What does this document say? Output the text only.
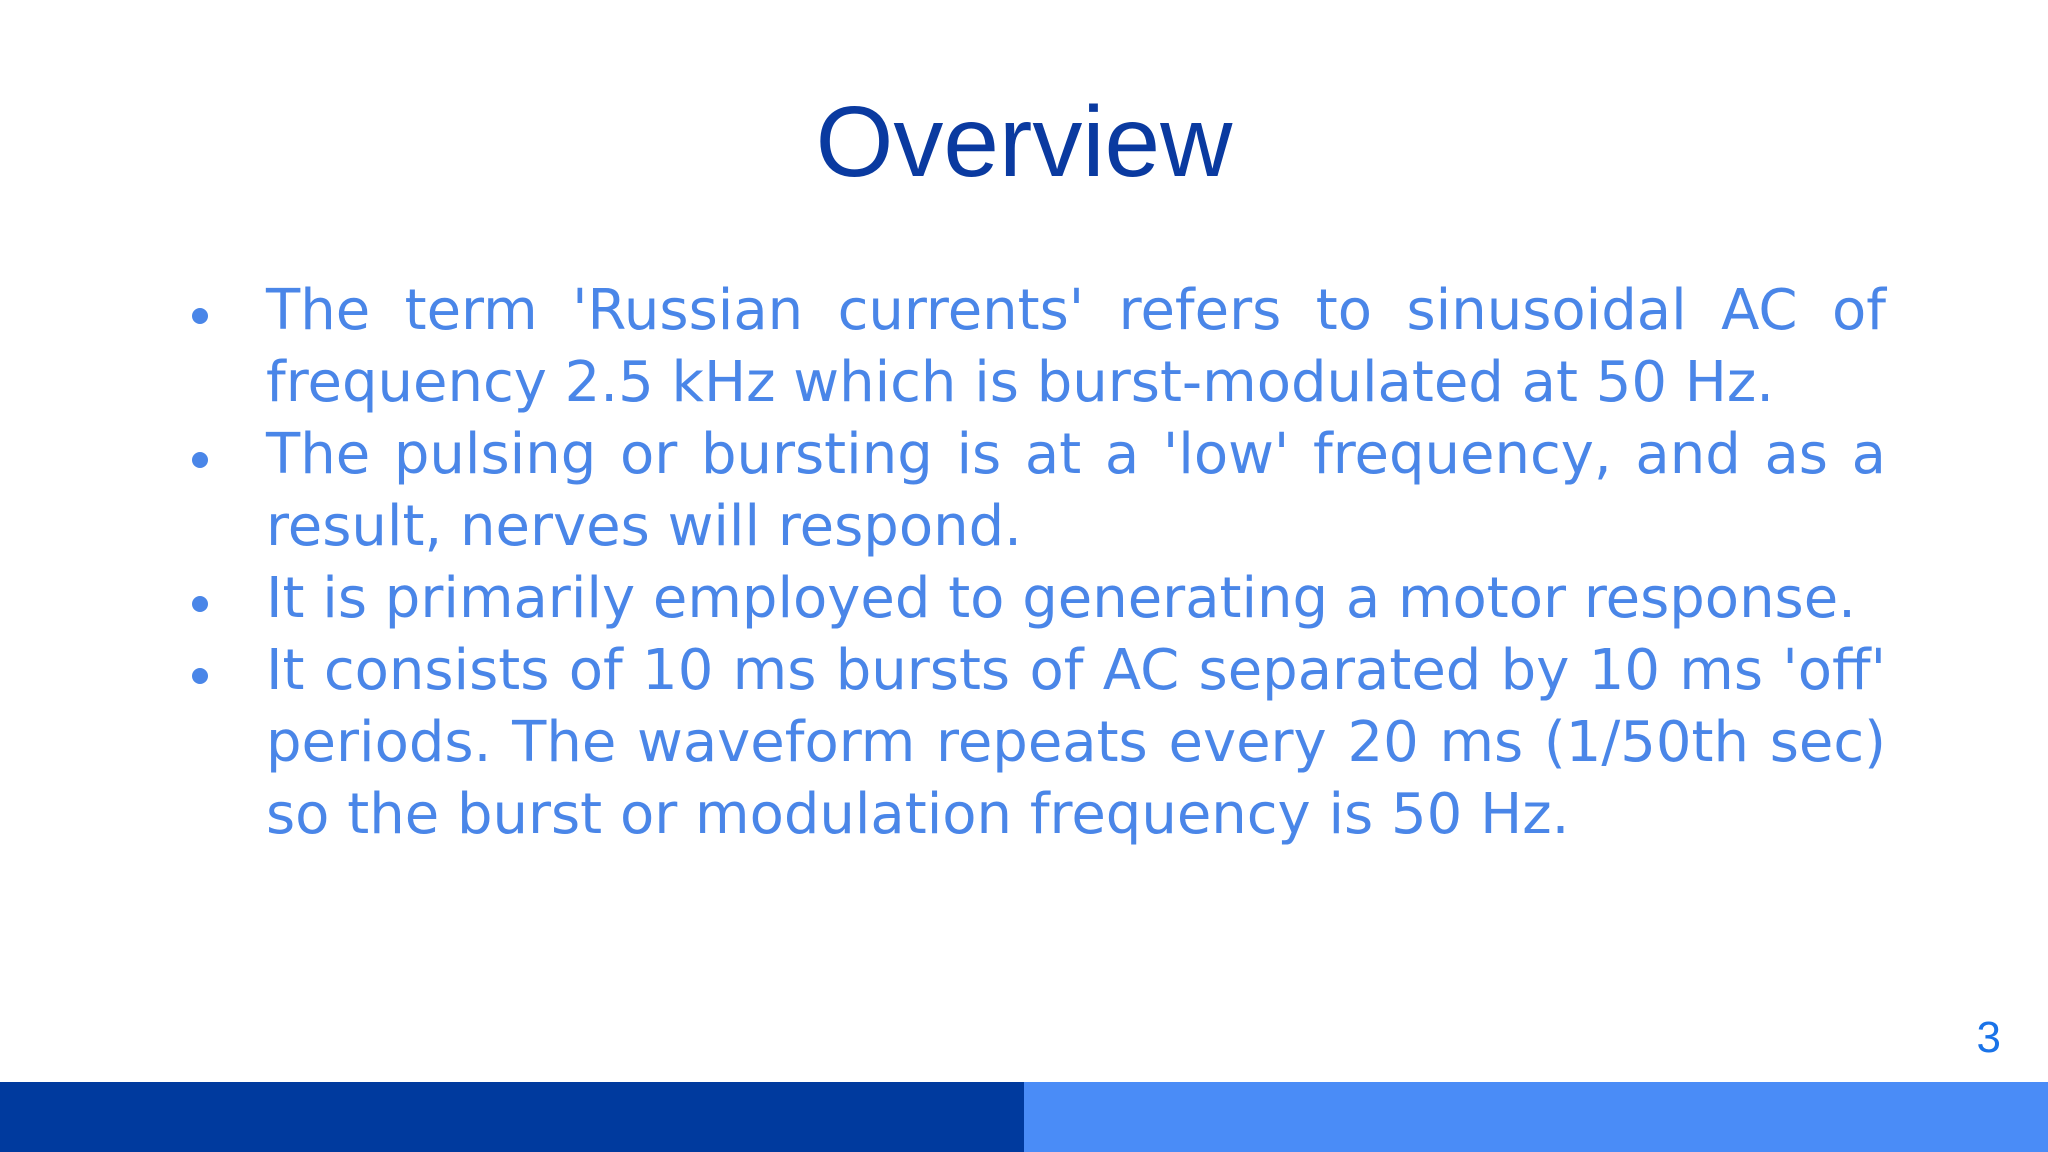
Overview
The term 'Russian currents' refers to sinusoidal AC of frequency 2.5 kHz which is burst-modulated at 50 Hz.
The pulsing or bursting is at a 'low' frequency, and as a result, nerves will respond.
It is primarily employed to generating a motor response.
It consists of 10 ms bursts of AC separated by 10 ms 'off' periods. The waveform repeats every 20 ms (1/50th sec) so the burst or modulation frequency is 50 Hz.
3
